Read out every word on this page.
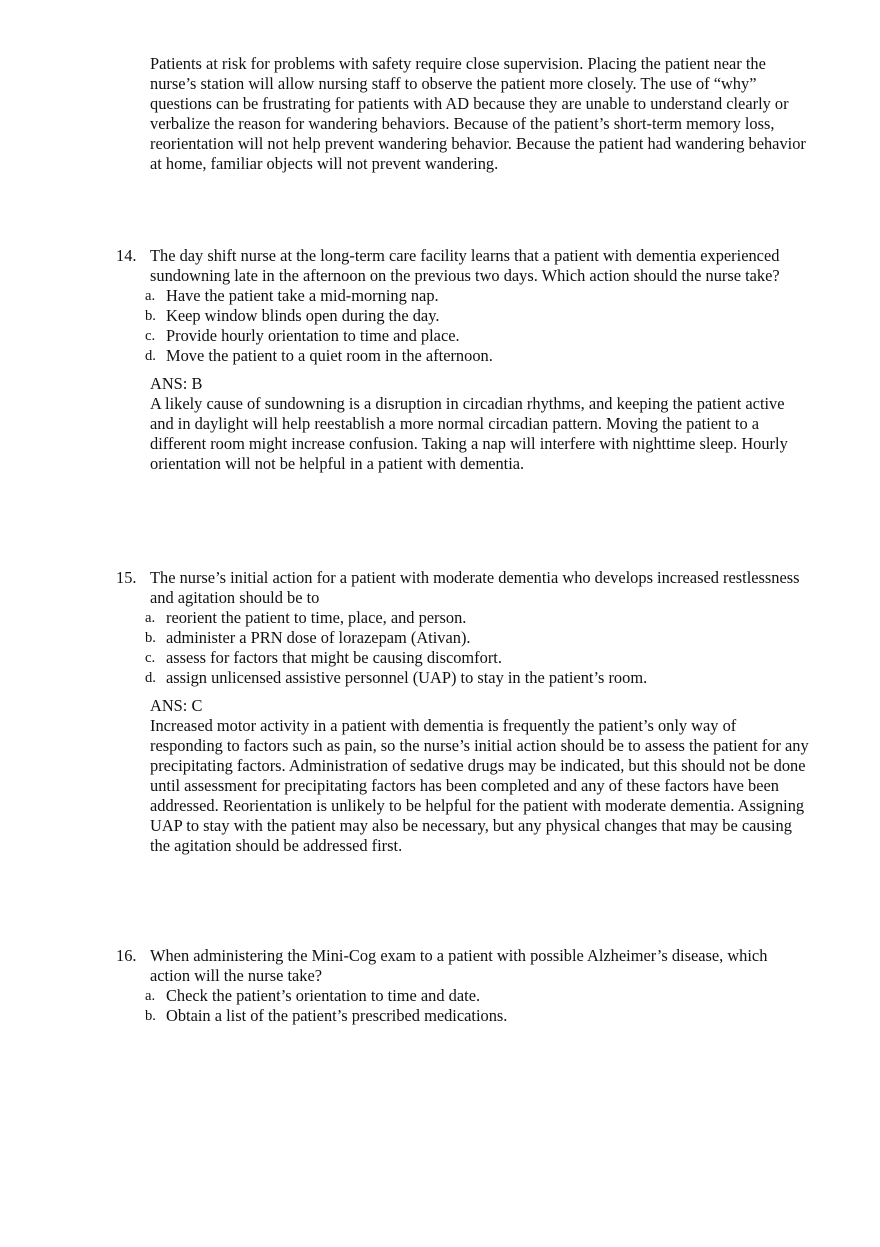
Patients at risk for problems with safety require close supervision. Placing the patient near the nurse’s station will allow nursing staff to observe the patient more closely. The use of “why” questions can be frustrating for patients with AD because they are unable to understand clearly or verbalize the reason for wandering behaviors. Because of the patient’s short-term memory loss, reorientation will not help prevent wandering behavior. Because the patient had wandering behavior at home, familiar objects will not prevent wandering.

14. The day shift nurse at the long-term care facility learns that a patient with dementia experienced sundowning late in the afternoon on the previous two days. Which action should the nurse take?
a. Have the patient take a mid-morning nap.
b. Keep window blinds open during the day.
c. Provide hourly orientation to time and place.
d. Move the patient to a quiet room in the afternoon.

ANS: B

A likely cause of sundowning is a disruption in circadian rhythms, and keeping the patient active and in daylight will help reestablish a more normal circadian pattern. Moving the patient to a different room might increase confusion. Taking a nap will interfere with nighttime sleep. Hourly orientation will not be helpful in a patient with dementia.

15. The nurse’s initial action for a patient with moderate dementia who develops increased restlessness and agitation should be to
a. reorient the patient to time, place, and person.
b. administer a PRN dose of lorazepam (Ativan).
c. assess for factors that might be causing discomfort.
d. assign unlicensed assistive personnel (UAP) to stay in the patient’s room.

ANS: C

Increased motor activity in a patient with dementia is frequently the patient’s only way of responding to factors such as pain, so the nurse’s initial action should be to assess the patient for any precipitating factors. Administration of sedative drugs may be indicated, but this should not be done until assessment for precipitating factors has been completed and any of these factors have been addressed. Reorientation is unlikely to be helpful for the patient with moderate dementia. Assigning UAP to stay with the patient may also be necessary, but any physical changes that may be causing the agitation should be addressed first.

16. When administering the Mini-Cog exam to a patient with possible Alzheimer’s disease, which action will the nurse take?
a. Check the patient’s orientation to time and date.
b. Obtain a list of the patient’s prescribed medications.
